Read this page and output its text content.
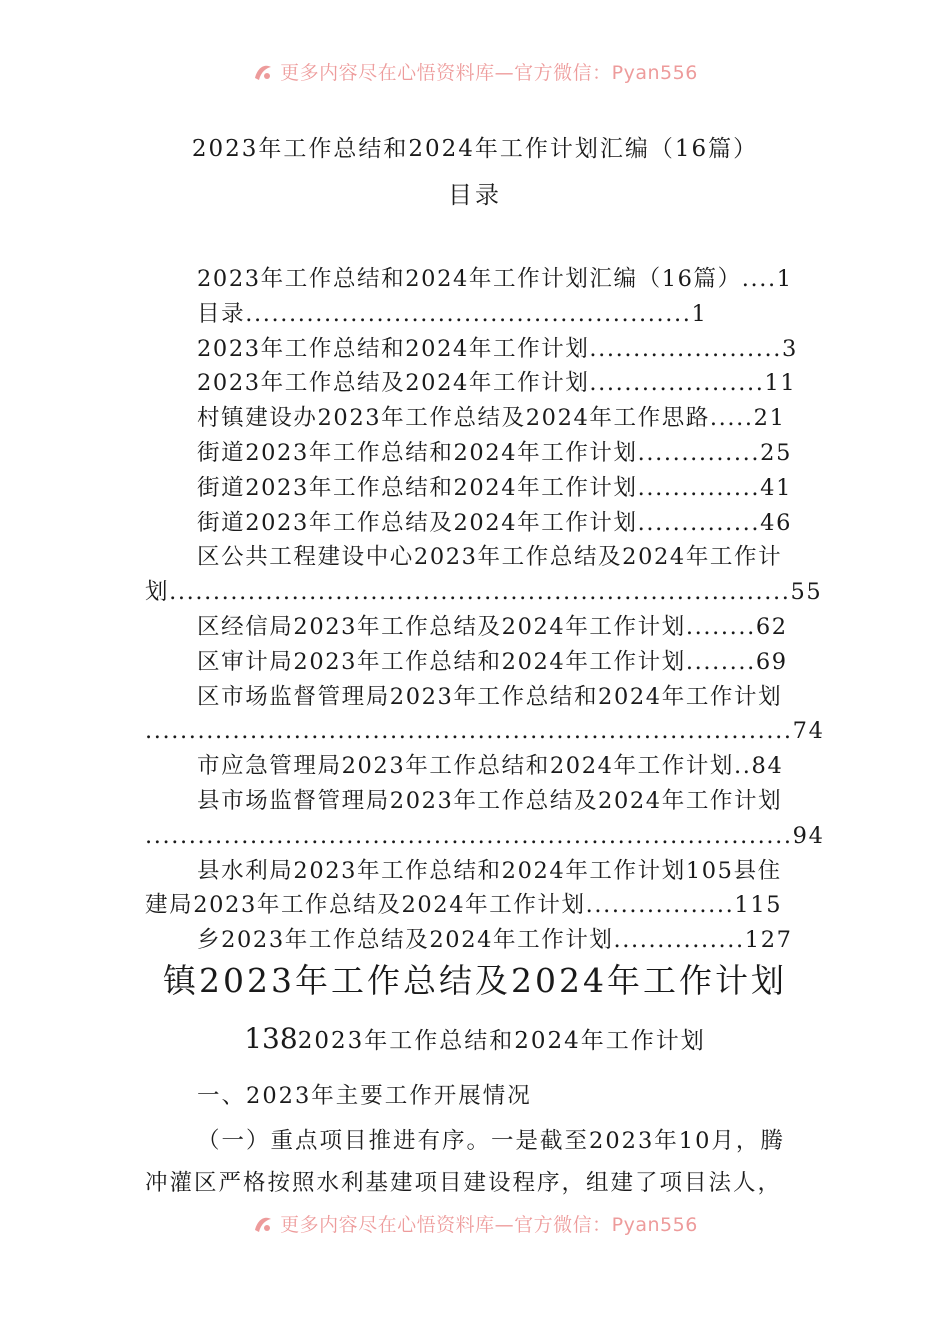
更多内容尽在心悟资料库—官方微信：Pyan556
2023年工作总结和2024年工作计划汇编（16篇）
目录
2023年工作总结和2024年工作计划汇编（16篇）....1
目录...................................................1
2023年工作总结和2024年工作计划......................3
2023年工作总结及2024年工作计划....................11
村镇建设办2023年工作总结及2024年工作思路.....21
街道2023年工作总结和2024年工作计划..............25
街道2023年工作总结和2024年工作计划..............41
街道2023年工作总结及2024年工作计划..............46
区公共工程建设中心2023年工作总结及2024年工作计
划.......................................................................55
区经信局2023年工作总结及2024年工作计划........62
区审计局2023年工作总结和2024年工作计划........69
区市场监督管理局2023年工作总结和2024年工作计划
..........................................................................74
市应急管理局2023年工作总结和2024年工作计划..84
县市场监督管理局2023年工作总结及2024年工作计划
..........................................................................94
县水利局2023年工作总结和2024年工作计划105县住
建局2023年工作总结及2024年工作计划.................115
乡2023年工作总结及2024年工作计划...............127
镇2023年工作总结及2024年工作计划
1382023年工作总结和2024年工作计划
一、2023年主要工作开展情况
（一）重点项目推进有序。一是截至2023年10月，腾
冲灌区严格按照水利基建项目建设程序，组建了项目法人，
更多内容尽在心悟资料库—官方微信：Pyan556
